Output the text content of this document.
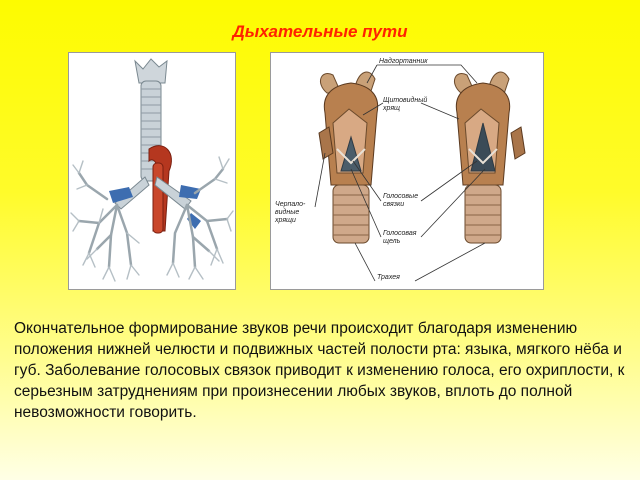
Дыхательные пути
Надгортанник
Щитовидный хрящ
Черпало-видные хрящи
Голосовые связки
Голосовая щель
Трахея
Окончательное формирование звуков речи происходит благодаря изменению положения нижней челюсти и подвижных частей полости рта: языка, мягкого нёба и губ. Заболевание голосовых связок приводит к изменению голоса, его охриплости, к серьезным затруднениям при произнесении любых звуков, вплоть до полной невозможности говорить.
